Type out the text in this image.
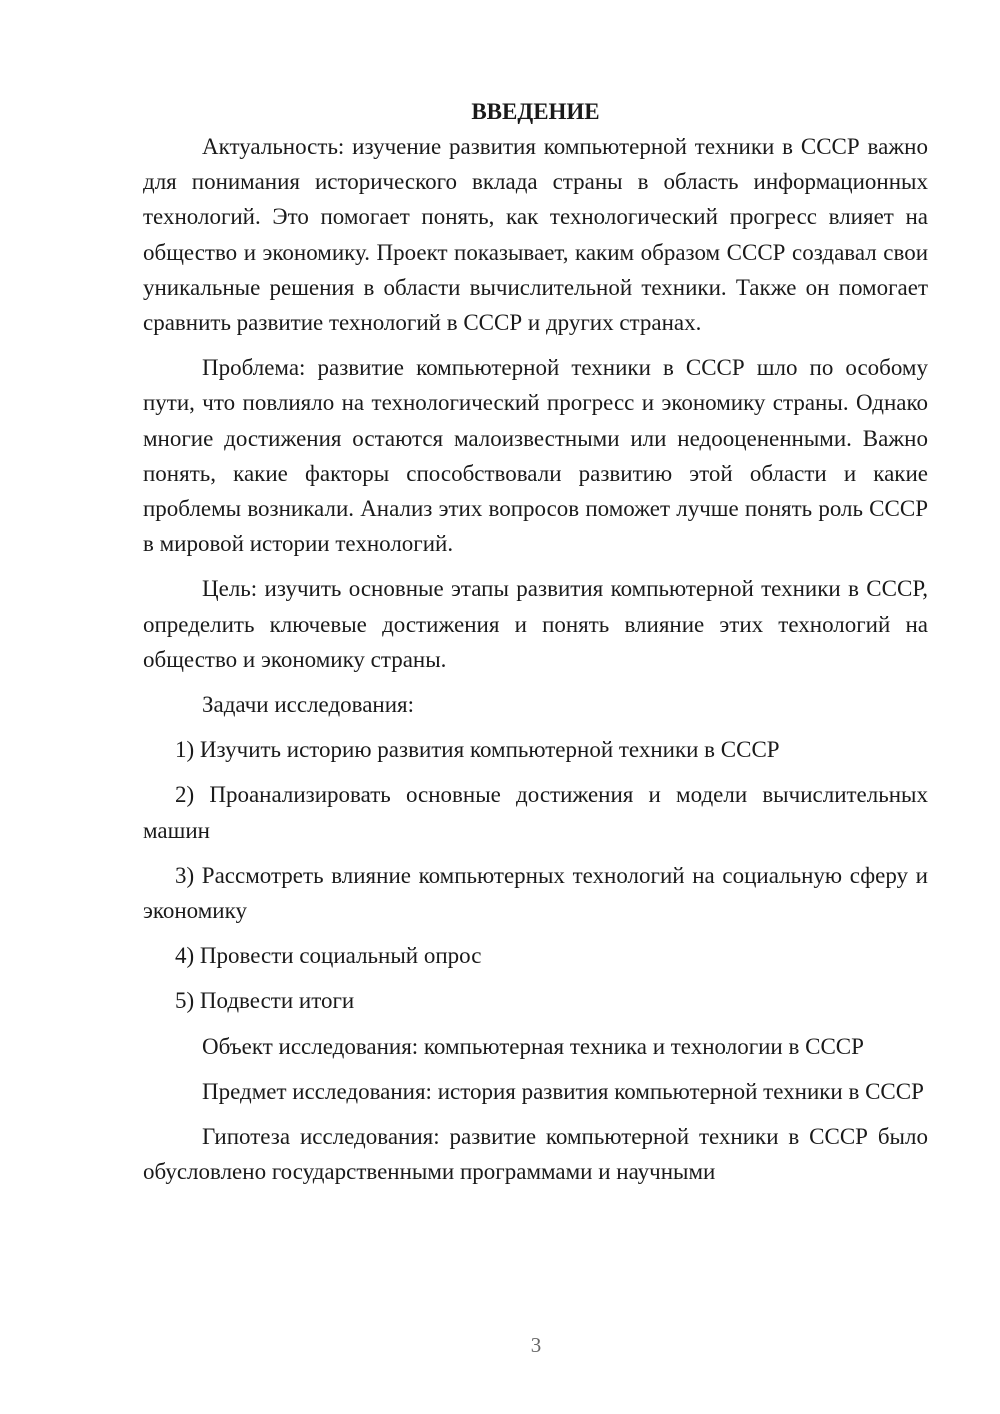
ВВЕДЕНИЕ

Актуальность: изучение развития компьютерной техники в СССР важно для понимания исторического вклада страны в область информационных технологий. Это помогает понять, как технологический прогресс влияет на общество и экономику. Проект показывает, каким образом СССР создавал свои уникальные решения в области вычислительной техники. Также он помогает сравнить развитие технологий в СССР и других странах.

Проблема: развитие компьютерной техники в СССР шло по особому пути, что повлияло на технологический прогресс и экономику страны. Однако многие достижения остаются малоизвестными или недооцененными. Важно понять, какие факторы способствовали развитию этой области и какие проблемы возникали. Анализ этих вопросов поможет лучше понять роль СССР в мировой истории технологий.

Цель: изучить основные этапы развития компьютерной техники в СССР, определить ключевые достижения и понять влияние этих технологий на общество и экономику страны.

Задачи исследования:

1) Изучить историю развития компьютерной техники в СССР

2) Проанализировать основные достижения и модели вычислительных машин

3) Рассмотреть влияние компьютерных технологий на социальную сферу и экономику

4) Провести социальный опрос

5) Подвести итоги

Объект исследования: компьютерная техника и технологии в СССР

Предмет исследования: история развития компьютерной техники в СССР

Гипотеза исследования: развитие компьютерной техники в СССР было обусловлено государственными программами и научными

3
